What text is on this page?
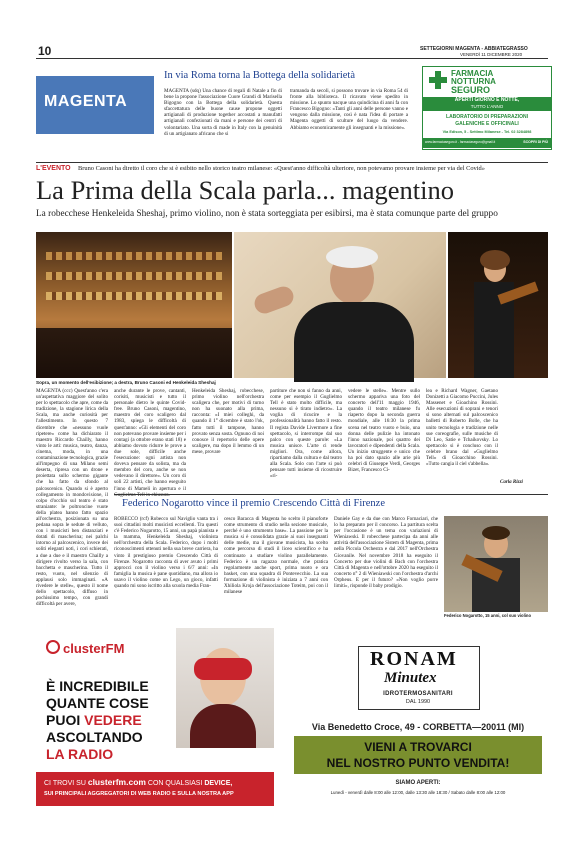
10	SETTEGIORNI MAGENTA - ABBIATEGRASSO
VENERDÌ 11 DICEMBRE 2020
MAGENTA
In via Roma torna la Bottega della solidarietà
MAGENTA (sdq) Una chance di regali di Natale a fin di bene la propone l'associazione Cuore Grandi di Marisella Bigogno con la Bottega della solidarietà. Questa sfaccettatura delle buone cause propone oggetti artigianali di produzione together accostati a manufatti artigianali confezionati da mani e persone dei centri di volontariato. Una sorta di made in Italy con la genuinità di un artigianato africano che si
tramanda da secoli, si possono trovare in via Roma 54 di fronte alla biblioteca. Il ricavato viene spedito in missione. Lo spunto nacque una quindicina di anni fa con Francesco Bigogno: «Tanti gli anni delle persone vanno e vengono dalla missione, così è nata l'idea di portare a Magenta oggetti di sculture del luogo da vendere. Abbiamo economicamente gli insegnanti e la missione».
FARMACIA
NOTTURNA
SEGURO
APERTI GIORNO E NOTTE,
TUTTO L'ANNO
LABORATORIO DI PREPARAZIONI
GALENICHE E OFFICINALI
Via Edison, 5 - Settimo Milanese - Tel. 02 3284898
www.farmaciaseguro.it - farmaciaseguro@gmail.it	SCOPRI DI PIÙ
L'EVENTO Bruno Casoni ha diretto il coro che si è esibito nello storico teatro milanese: «Quest'anno difficoltà ulteriore, non potevamo provare insieme per via del Covid»
La Prima della Scala parla... magentino
La robecchese Henkeleida Sheshaj, primo violino, non è stata sorteggiata per esibirsi, ma è stata comunque parte del gruppo
Sopra, un momento dell'esibizione; a destra, Bruno Casoni ed Henkeleida Sheshaj
MAGENTA (ccc) Quest'anno c'era un'aspettativa maggiore del solito per lo spettacolo che apre, come da tradizione, la stagione lirica della Scala, ma anche curiosità per l'allestimento. In questo 7 dicembre che «nessuno vuole ripetere» come ha dichiarato il maestro Riccardo Chailly, hanno vinto le arti: musica, teatro, danza, cinema, moda, in una contaminazione tecnologica, grazie all'impegno di una Milano semi deserta, ripresa con un drone e proiettata sullo schermo gigante che ha fatto da sfondo al palcoscenico. Quando si è aperto collegamento in mondovisione, il colpo d'occhio sul teatro è stato straniante: le poltroncine vuote della platea hanno fatto spazio all'orchestra, posizionata su una pedana sopra le sedute di velluto, con i musicisti ben distanziati e dotati di mascherina; nei palchi intorno al palcoscenico, invece dei soliti eleganti noti, i cori schierati, a due a due e il maestro Chailly a dirigere rivolto verso la sala, con bacchetta e mascherina. Tutto il resto, vuoto, nel silenzio di applausi solo immaginati. «A rivedere le stelle», questo il nome dello spettacolo, diffuso in pochissimo tempo, con grandi difficoltà per avere,
anche durante le prove, cantanti, corisiti, musicisti e tutto il personale dietro le quinte Covid-free. Bruno Casoni, magentino, maestro del coro scaligero dal 1983, spiega le difficoltà di quest'anno: «Gli elementi del coro non potevano provare insieme per i contagi (a ottobre erano stati 18) e abbiamo dovuto ridurre le prove a due sole, difficile anche l'esecuzione: ogni artista non doveva pensare da solista, ma da membro del coro, anche se non vedevano il direttore». Un coro di soli 22 artisti, che hanno eseguito l'inno di Mameli in apertura e il Guglielmo Tell in chiusura.
Henkeleida Sheshaj, robecchese, primo violino nell'orchestra scaligera che, per motivi di turno non ha suonato alla prima, racconta: «I miei colleghi, da quando il 1° dicembre è stato l'ok, fatto tutti il tampone, hanno provato senza sosta. Ognuno di noi conosce il repertorio delle opere scaligere, ma dopo il lemmo di un mese, provare
partiture che non si fanno da anni, come per esempio il Guglielmo Tell è stato molto difficile, ma nessuno si è tirato indietro». La voglia di ricucire e la professionalità hanno fatto il resto. Il regista Davide Livermore a fine spettacolo, si interrompe dal suo palco con queste parole: «La musica unisce. L'arte ci rende migliori. Ora, come allora, ripartiamo dalla cultura e dal teatro alla Scala. Solo con l'arte si può pensare tutti insieme di ricostruire «ri-
vedere le stelle». Mentre sullo schermo appariva una foto del concerto dell'11 maggio 1946, quando il teatro milanese fu riaperto dopo la seconda guerra mondiale, alle 16:30 la prima scena nel teatro vuoto e buio, una donna delle pulizie ha intonato l'inno nazionale, poi quattro dei lavoratori e dipendenti della Scala. Un inizio struggente e unico che ha poi dato spazio alle arie più celebri di Giuseppe Verdi, Georges Bizet, Francesco Ci-
lea e Richard Wagner, Gaetano Donizetti a Giacomo Puccini, Jules Massenet e Gioachino Rossini. Alle esecuzioni di soprani e tenori si sono alternati sul palcoscenico balletti di Roberto Bolle, che ha unito tecnologia e tradizione nelle sue coreografie, sulle musiche di Di Leo, Satie e Tchaikovsky. Lo spettacolo si è concluso con il celebre brano dal «Guglielmo Tell» di Gioacchino Rossini. «Tutto cangia il ciel s'abbella».
Carla Rizzi
Federico Nogarotto vince il premio Crescendo Città di Firenze
ROBECCO (rcf) Robecco sul Naviglio vanta tra i suoi cittadini molti musicisti eccellenti. Tra questi c'è Federico Nogarotto, 15 anni, un papà pianista e la mamma, Henkeleida Sheshaj, violinista nell'orchestra della Scala. Federico, dopo i molti riconoscimenti ottenuti nella sua breve carriera, ha vinto il prestigioso premio Crescendo Città di Firenze. Nogarotto racconta di aver avuto i primi approcci con il violino verso i 6/7 anni: «In famiglia la musica è pane quotidiano, ma allora io usavo il violino come un Lego, un gioco, infatti quando mi sono iscritto alla scuola media Fran-
cesco Baracca di Magenta ho scelto il pianoforte come strumento di studio nella sezione musicale, perché è uno strumento base». La passione per la musica si è consolidata grazie ai suoi insegnanti delle medie, ma il giovane musicista, ha scelto come percorso di studi il liceo scientifico e ha continuato a studiare violino parallelamente. Federico è un ragazzo normale, che pratica regolarmente anche sport, prima nuoto e ora basket, con una squadra di Pontevecchio. La sua formazione di violinista è iniziata a 7 anni con Xhiliola Kroja dell'associazione Toteim, poi con il milanese
Daniele Gay e da due con Marco Fornaciari, che lo ha preparato per il concorso. La partitura scelta per l'occasione è un tema con variazioni di Wieniawski. Il robecchese partecipa da anni alle attività dell'associazione Sistem di Magenta, prima nella Piccola Orchestra e dal 2017 nell'Orchestra Giovanile. Nel novembre 2018 ha eseguito il Concerto per due violini di Bach con l'orchestra Città di Magenta e nell'ottobre 2020 ha eseguito il concerto n° 2 di Wieniawski con l'orchestra d'archi Orpheus. E per il futuro? «Non voglio porre limiti», risponde il baby prodigio.
Federico Nogarotto, 15 anni, col suo violino
clusterFM
È INCREDIBILE
QUANTE COSE
PUOI VEDERE
ASCOLTANDO
LA RADIO
CI TROVI SU clusterfm.com CON QUALSIASI DEVICE,
SUI PRINCIPALI AGGREGATORI DI WEB RADIO E SULLA NOSTRA APP
RONAM
Minutex
IDROTERMOSANITARI
DAL 1990
Via Benedetto Croce, 49 - CORBETTA—20011 (MI)
VIENI A TROVARCI
NEL NOSTRO PUNTO VENDITA!
SIAMO APERTI:
Lunedì - venerdì dalle 8:00 alle 12:00, dalle 13:30 alle 18:30 / Sabato dalle 8:00 alle 12:00
